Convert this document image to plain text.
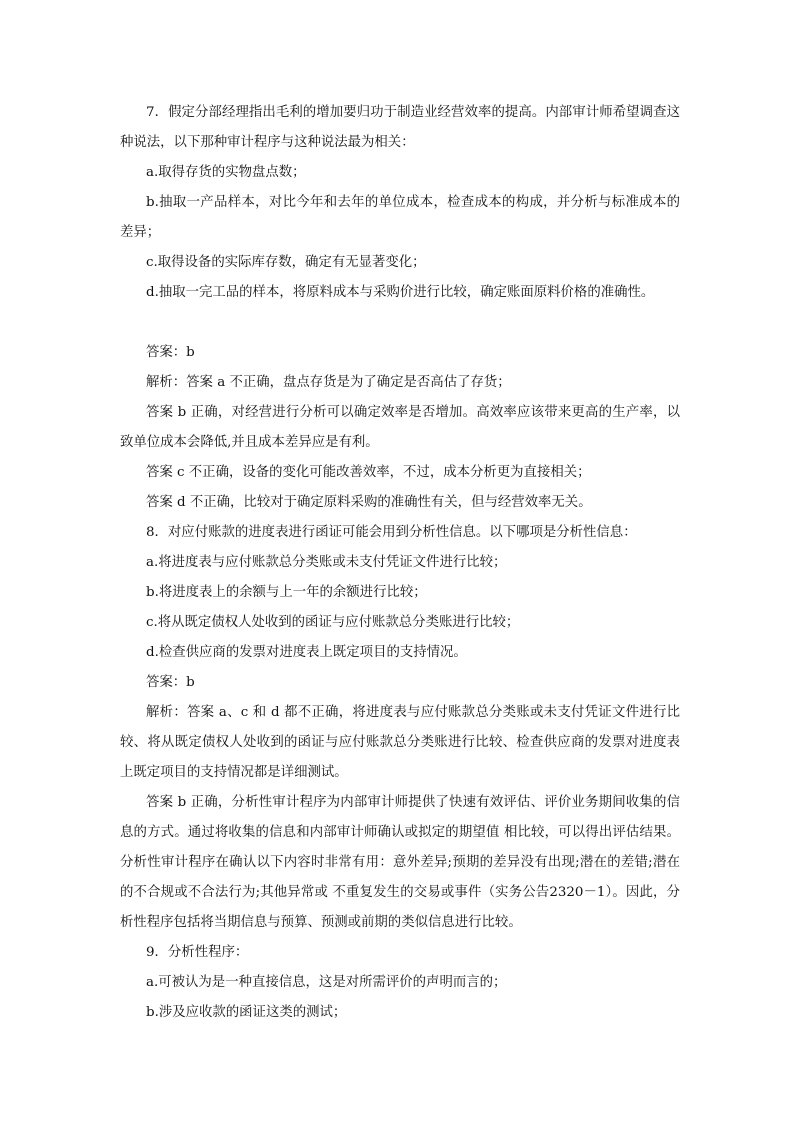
7．假定分部经理指出毛利的增加要归功于制造业经营效率的提高。内部审计师希望调查这种说法，以下那种审计程序与这种说法最为相关：

a.取得存货的实物盘点数；

b.抽取一产品样本，对比今年和去年的单位成本，检查成本的构成，并分析与标准成本的差异；

c.取得设备的实际库存数，确定有无显著变化；

d.抽取一完工品的样本，将原料成本与采购价进行比较，确定账面原料价格的准确性。

答案：b

解析：答案 a 不正确，盘点存货是为了确定是否高估了存货；

答案 b 正确，对经营进行分析可以确定效率是否增加。高效率应该带来更高的生产率，以致单位成本会降低,并且成本差异应是有利。

答案 c 不正确，设备的变化可能改善效率，不过，成本分析更为直接相关；

答案 d 不正确，比较对于确定原料采购的准确性有关，但与经营效率无关。

8．对应付账款的进度表进行函证可能会用到分析性信息。以下哪项是分析性信息：

a.将进度表与应付账款总分类账或未支付凭证文件进行比较；

b.将进度表上的余额与上一年的余额进行比较；

c.将从既定债权人处收到的函证与应付账款总分类账进行比较；

d.检查供应商的发票对进度表上既定项目的支持情况。

答案：b

解析：答案 a、c 和 d 都不正确，将进度表与应付账款总分类账或未支付凭证文件进行比较、将从既定债权人处收到的函证与应付账款总分类账进行比较、检查供应商的发票对进度表上既定项目的支持情况都是详细测试。

答案 b 正确，分析性审计程序为内部审计师提供了快速有效评估、评价业务期间收集的信息的方式。通过将收集的信息和内部审计师确认或拟定的期望值 相比较，可以得出评估结果。分析性审计程序在确认以下内容时非常有用：意外差异;预期的差异没有出现;潜在的差错;潜在的不合规或不合法行为;其他异常或 不重复发生的交易或事件（实务公告2320－1）。因此，分析性程序包括将当期信息与预算、预测或前期的类似信息进行比较。

9．分析性程序：

a.可被认为是一种直接信息，这是对所需评价的声明而言的；

b.涉及应收款的函证这类的测试；
